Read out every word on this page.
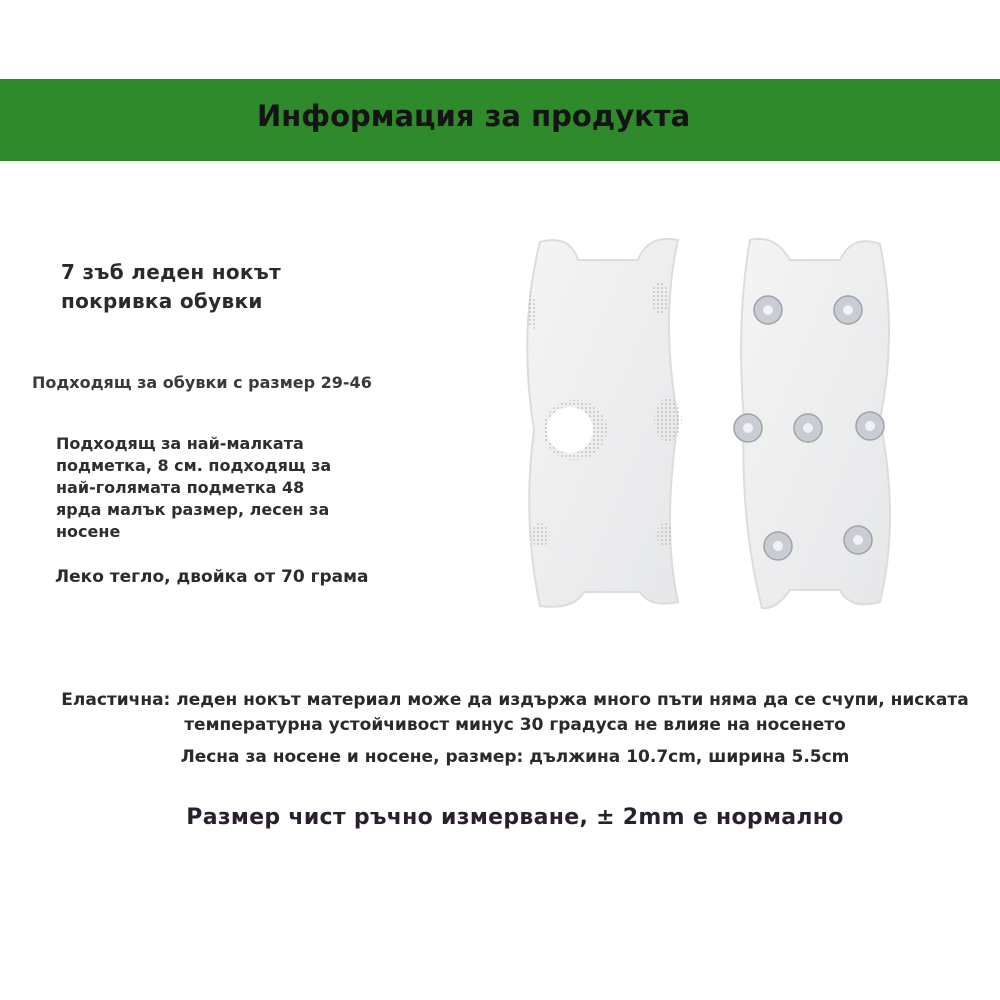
Информация за продукта
7 зъб леден нокът
покривка обувки
Подходящ за обувки с размер 29-46
Подходящ за най-малката
подметка, 8 см. подходящ за
най-голямата подметка 48
ярда малък размер, лесен за
носене
Леко тегло, двойка от 70 грама
Еластична: леден нокът материал може да издържа много пъти няма да се счупи, ниската
температурна устойчивост минус 30 градуса не влияе на носенето
Лесна за носене и носене, размер: дължина 10.7cm, ширина 5.5cm
Размер чист ръчно измерване, ± 2mm е нормално
